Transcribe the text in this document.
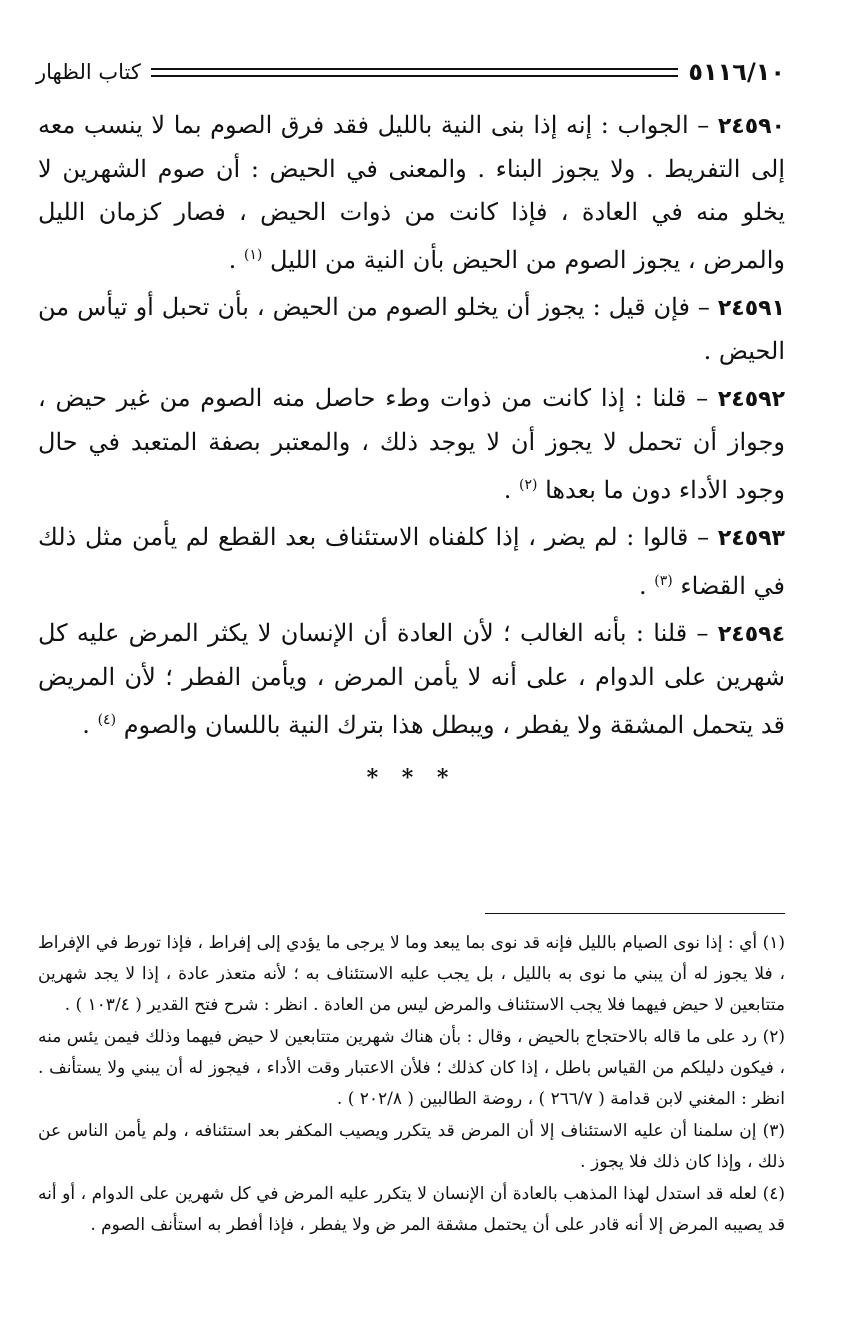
٥١١٦/١٠
كتاب الظهار

٢٤٥٩٠ – الجواب : إنه إذا بنى النية بالليل فقد فرق الصوم بما لا ينسب معه إلى التفريط . ولا يجوز البناء . والمعنى في الحيض : أن صوم الشهرين لا يخلو منه في العادة ، فإذا كانت من ذوات الحيض ، فصار كزمان الليل والمرض ، يجوز الصوم من الحيض بأن النية من الليل $^{(١)}$ .

٢٤٥٩١ – فإن قيل : يجوز أن يخلو الصوم من الحيض ، بأن تحبل أو تيأس من الحيض .

٢٤٥٩٢ – قلنا : إذا كانت من ذوات وطء حاصل منه الصوم من غير حيض ، وجواز أن تحمل لا يجوز أن لا يوجد ذلك ، والمعتبر بصفة المتعبد في حال وجود الأداء دون ما بعدها $^{(٢)}$ .

٢٤٥٩٣ – قالوا : لم يضر ، إذا كلفناه الاستئناف بعد القطع لم يأمن مثل ذلك في القضاء $^{(٣)}$ .

٢٤٥٩٤ – قلنا : بأنه الغالب ؛ لأن العادة أن الإنسان لا يكثر المرض عليه كل شهرين على الدوام ، على أنه لا يأمن المرض ، ويأمن الفطر ؛ لأن المريض قد يتحمل المشقة ولا يفطر ، ويبطل هذا بترك النية باللسان والصوم $^{(٤)}$ .

* * *

(١) أي : إذا نوى الصيام بالليل فإنه قد نوى بما يبعد وما لا يرجى ما يؤدي إلى إفراط ، فإذا تورط في الإفراط ، فلا يجوز له أن يبني ما نوى به بالليل ، بل يجب عليه الاستئناف به ؛ لأنه متعذر عادة ، إذا لا يجد شهرين متتابعين لا حيض فيهما فلا يجب الاستئناف والمرض ليس من العادة . انظر : شرح فتح القدير ( ١٠٣/٤ ) .

(٢) رد على ما قاله بالاحتجاج بالحيض ، وقال : بأن هناك شهرين متتابعين لا حيض فيهما وذلك فيمن يئس منه ، فيكون دليلكم من القياس باطل ، إذا كان كذلك ؛ فلأن الاعتبار وقت الأداء ، فيجوز له أن يبني ولا يستأنف . انظر : المغني لابن قدامة ( ٢٦٦/٧ ) ، روضة الطالبين ( ٢٠٢/٨ ) .

(٣) إن سلمنا أن عليه الاستئناف إلا أن المرض قد يتكرر ويصيب المكفر بعد استئنافه ، ولم يأمن الناس عن ذلك ، وإذا كان ذلك فلا يجوز .

(٤) لعله قد استدل لهذا المذهب بالعادة أن الإنسان لا يتكرر عليه المرض في كل شهرين على الدوام ، أو أنه قد يصيبه المرض إلا أنه قادر على أن يحتمل مشقة المر ض ولا يفطر ، فإذا أفطر به استأنف الصوم .
